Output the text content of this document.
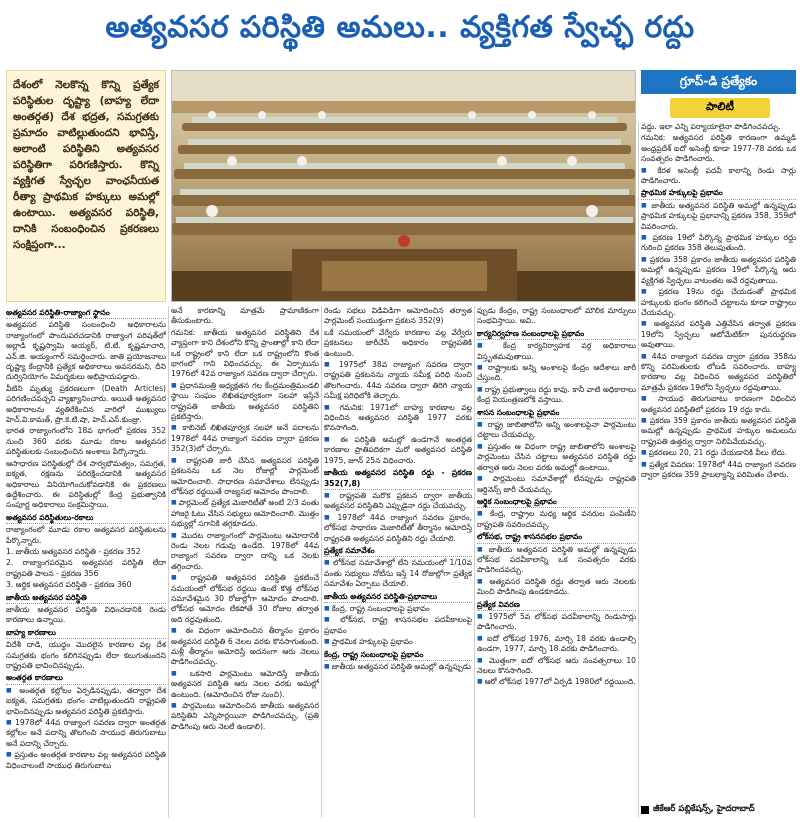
అత్యవసర పరిస్థితి అమలు.. వ్యక్తిగత స్వేచ్ఛ రద్దు

దేశంలో నెలకొన్న కొన్ని ప్రత్యేక పరిస్థితుల దృష్ట్యా (బాహ్య లేదా అంతర్గత) దేశ భద్రత, సమగ్రతకు ప్రమాదం వాటిల్లుతుందని భావిస్తే, అలాంటి పరిస్థితిని అత్యవసర పరిస్థితిగా పరిగణిస్తారు. కొన్ని వ్యక్తిగత స్వేచ్ఛల వాంఛనీయత రీత్యా ప్రాథమిక హక్కులు అమల్లో ఉంటాయి. అత్యవసర పరిస్థితి, దానికి సంబంధించిన ప్రకరణలు సంక్షిప్తంగా...

గ్రూప్-డి ప్రత్యేకం
పాలిటీ
అత్యవసర పరిస్థితి-రాజ్యాంగ స్థానం

అత్యవసర పరిస్థితి సంబంధించి అధికారాలను రాజ్యాంగంలో పొందుపరచడానికి రాజ్యాంగ పరిషత్‌లో అల్లాడి కృష్ణస్వామి అయ్యర్, టి.టి. కృష్ణమాచారి, ఎన్.జి. అయ్యంగార్ సమర్థించారు. జాతి ప్రయోజనాలు దృష్ట్యా కేంద్రానికి ప్రత్యేక అధికారాలు అవసరమని, దీని దుర్వినియోగం విమర్శకులు అభిప్రాయపడ్డారు.

వీటిని మృత్యు ప్రకరణలుగా (Death Articles) పరిగణించవచ్చని వ్యాఖ్యానించారు. అయితే అత్యవసర అధికారాలను వ్యతిరేకించిన వారిలో ముఖ్యులు హెచ్.వి.కామత్, ప్రొ.కె.టి.షా, హెచ్.ఎన్.కుంజ్రు.

భారత రాజ్యాంగంలోని 18వ భాగంలో ప్రకరణ 352 నుంచి 360 వరకు మూడు రకాల అత్యవసర పరిస్థితులకు సంబంధించిన అంశాలు పేర్కొన్నారు.

ఆసాధారణ పరిస్థితుల్లో దేశ సార్వభౌమత్వం, సమగ్రత, ఐక్యత, రక్షణను పరిరక్షించడానికి అత్యవసర అధికారాలు వినియోగించుకోవడానికి ఈ ప్రకరణలు ఉద్దేశించారు. ఈ పరిస్థితుల్లో కేంద్ర ప్రభుత్వానికి సంపూర్ణ అధికారాలు సంక్రమిస్తాయి.

అత్యవసర పరిస్థితులు-రకాలు

రాజ్యాంగంలో మూడు రకాల అత్యవసర పరిస్థితులను పేర్కొన్నారు.

1. జాతీయ అత్యవసర పరిస్థితి - ప్రకరణ 352

2. రాజ్యాంగపరమైన అత్యవసర పరిస్థితి లేదా రాష్ట్రపతి పాలన - ప్రకరణ 356

3. ఆర్థిక అత్యవసర పరిస్థితి - ప్రకరణ 360

జాతీయ అత్యవసర పరిస్థితి

జాతీయ అత్యవసర పరిస్థితి విధించడానికి రెండు కారణాలు ఉన్నాయి.

బాహ్య కారణాలు

విదేశీ దాడి, యుద్ధం మొదలైన కారణాల వల్ల దేశ సమగ్రతకు భంగం కలిగినప్పుడు లేదా కలుగుతుందని రాష్ట్రపతి భావించినప్పుడు.

అంతర్గత కారణాలు

■ అంతర్గత కల్లోలం ఏర్పడినప్పుడు, తద్వారా దేశ ఐక్యత, సమగ్రతకు భంగం వాటిల్లుతుందని రాష్ట్రపతి భావించినప్పుడు అత్యవసర పరిస్థితి ప్రకటిస్తారు.

■ 1978లో 44వ రాజ్యాంగ సవరణ ద్వారా అంతర్గత కల్లోలం అనే పదాన్ని తొలగించి సాయుధ తిరుగుబాటు అనే పదాన్ని చేర్చారు.

■ ప్రస్తుతం అంతర్గత కారణాల వల్ల అత్యవసర పరిస్థితి విధించాలంటే సాయుధ తిరుగుబాటు

అనే కారణాన్ని మాత్రమే ప్రామాణికంగా తీసుకుంటారు.

గమనిక: జాతీయ అత్యవసర పరిస్థితిని దేశ వ్యాప్తంగా కాని దేశంలోని కొన్ని ప్రాంతాల్లో కాని లేదా ఒక రాష్ట్రంలో కాని లేదా ఒక రాష్ట్రంలోని కొంత భాగంలో గాని విధించవచ్చు. ఈ ఏర్పాటును 1976లో 42వ రాజ్యాంగ సవరణ ద్వారా చేర్చారు.

■ ప్రధానమంత్రి అధ్యక్షతన గల కేంద్రమంత్రిమండలి స్థాయి సంఘం లిఖితపూర్వకంగా సలహా ఇస్తేనే రాష్ట్రపతి జాతీయ అత్యవసర పరిస్థితిని ప్రకటిస్తారు.

■ కాబినెట్ లిఖితపూర్వక సలహా అనే పదాలను 1978లో 44వ రాజ్యాంగ సవరణ ద్వారా ప్రకరణ 352(3)లో చేర్చారు.

■ రాష్ట్రపతి జారీ చేసిన అత్యవసర పరిస్థితి ప్రకటనను ఒక నెల రోజుల్లో పార్లమెంట్ ఆమోదించాలి. సాధారణ సమావేశాలు లేనప్పుడు లోక్‌సభ రద్దయితే రాజ్యసభ ఆమోదం పొందాలి.

■ పార్లమెంట్ ప్రత్యేక మెజారిటీతో అంటే 2/3 వంతు హాజరై ఓటు వేసిన సభ్యులు ఆమోదించాలి. మొత్తం సభ్యుల్లో సగానికి తగ్గకూడదు.

■ మొదట రాజ్యాంగంలో పార్లమెంటు ఆమోదానికి రెండు నెలల గడువు ఉండేది. 1978లో 44వ రాజ్యాంగ సవరణ ద్వారా దాన్ని ఒక నెలకు తగ్గించారు.

■ రాష్ట్రపతి అత్యవసర పరిస్థితి ప్రకటించే సమయంలో లోక్‌సభ రద్దయి ఉంటే కొత్త లోక్‌సభ సమావేశమైన 30 రోజుల్లోగా ఆమోదం పొందాలి. లోక్‌సభ ఆమోదం లేకపోతే 30 రోజుల తర్వాత అది రద్దవుతుంది.

■ ఈ విధంగా ఆమోదించిన తీర్మానం ప్రకారం అత్యవసర పరిస్థితి 6 నెలల వరకు కొనసాగుతుంది. మళ్లీ తీర్మానం ఆమోదిస్తే అదనంగా ఆరు నెలలు పొడిగించవచ్చు.

■ ఒకసారి పార్లమెంటు ఆమోదిస్తే జాతీయ అత్యవసర పరిస్థితి ఆరు నెలల వరకు అమల్లో ఉంటుంది. (ఆమోదించిన రోజు నుంచి).

■ పార్లమెంటు ఆమోదించిన జాతీయ అత్యవసర పరిస్థితిని ఎన్నిసార్లయినా పొడిగించవచ్చు. (ప్రతి పొడిగింపు ఆరు నెలలే ఉండాలి).

రెండు సభలు విడివిడిగా ఆమోదించిన తర్వాత పార్లమెంట్ సంయుక్తంగా ప్రకటన 352(9)

ఒకే సమయంలో వేర్వేరు కారణాల వల్ల వేర్వేరు ప్రకటనలు జారీచేసే అధికారం రాష్ట్రపతికి ఉంటుంది.

■ 1975లో 38వ రాజ్యాంగ సవరణ ద్వారా రాష్ట్రపతి ప్రకటనను న్యాయ సమీక్ష పరిధి నుంచి తొలగించారు. 44వ సవరణ ద్వారా తిరిగి న్యాయ సమీక్ష పరిధిలోకి తెచ్చారు.

■ గమనిక: 1971లో బాహ్య కారణాల వల్ల విధించిన అత్యవసర పరిస్థితి 1977 వరకు కొనసాగింది.

■ ఈ పరిస్థితి అమల్లో ఉండగానే అంతర్గత కారణాల ప్రాతిపదికగా మరో అత్యవసర పరిస్థితి 1975, జూన్ 25న విధించారు.

జాతీయ అత్యవసర పరిస్థితి రద్దు - ప్రకరణ 352(7,8)

■ రాష్ట్రపతి మరొక ప్రకటన ద్వారా జాతీయ అత్యవసర పరిస్థితిని ఎప్పుడైనా రద్దు చేయవచ్చు.

■ 1978లో 44వ రాజ్యాంగ సవరణ ప్రకారం, లోక్‌సభ సాధారణ మెజారిటీతో తీర్మానం ఆమోదిస్తే రాష్ట్రపతి అత్యవసర పరిస్థితిని రద్దు చేయాలి.

ప్రత్యేక సమావేశం

■ లోక్‌సభ సమావేశాల్లో లేని సమయంలో 1/10వ వంతు సభ్యులు నోటీసు ఇస్తే 14 రోజుల్లోగా ప్రత్యేక సమావేశం ఏర్పాటు చేయాలి.

జాతీయ అత్యవసర పరిస్థితి-ప్రభావాలు

■ కేంద్ర, రాష్ట్ర సంబంధాలపై ప్రభావం

■ లోక్‌సభ, రాష్ట్ర శాసనసభల పదవీకాలంపై ప్రభావం

■ ప్రాథమిక హక్కులపై ప్రభావం

కేంద్ర, రాష్ట్ర సంబంధాలపై ప్రభావం

■ జాతీయ అత్యవసర పరిస్థితి అమల్లో ఉన్నప్పుడు

ప్పుడు కేంద్రం, రాష్ట్ర సంబంధాలలో మౌలిక మార్పులు సంభవిస్తాయి. అవి..

కార్యనిర్వహణ సంబంధాలపై ప్రభావం

■ కేంద్ర కార్యనిర్వాహక వర్గ అధికారాలు విస్తృతమవుతాయి.

■ రాష్ట్రాలకు అన్ని అంశాలపై కేంద్రం ఆదేశాలు జారీ చేస్తుంది.

■ రాష్ట్ర ప్రభుత్వాలు రద్దు కావు. కానీ వాటి అధికారాలు కేంద్ర నియంత్రణలోకి వస్తాయి.

శాసన సంబంధాలపై ప్రభావం

■ రాష్ట్ర జాబితాలోని అన్ని అంశాలపైనా పార్లమెంటు చట్టాలు చేయవచ్చు.

■ ప్రస్తుతం ఆ విధంగా రాష్ట్ర జాబితాలోని అంశాలపై పార్లమెంటు చేసిన చట్టాలు అత్యవసర పరిస్థితి రద్దు తర్వాత ఆరు నెలల వరకు అమల్లో ఉంటాయి.

■ పార్లమెంటు సమావేశాల్లో లేనప్పుడు రాష్ట్రపతి ఆర్డినెన్స్ జారీ చేయవచ్చు.

ఆర్థిక సంబంధాలపై ప్రభావం

■ కేంద్ర, రాష్ట్రాల మధ్య ఆర్థిక వనరుల పంపిణీని రాష్ట్రపతి సవరించవచ్చు.

లోక్‌సభ, రాష్ట్ర శాసనసభల ప్రభావం

■ జాతీయ అత్యవసర పరిస్థితి అమల్లో ఉన్నప్పుడు లోక్‌సభ పదవీకాలాన్ని ఒక సంవత్సరం వరకు పొడిగించవచ్చు.

■ అత్యవసర పరిస్థితి రద్దు తర్వాత ఆరు నెలలకు మించి పొడిగింపు ఉండకూడదు.

ప్రత్యేక వివరణ

■ 1975లో 5వ లోక్‌సభ పదవీకాలాన్ని రెండుసార్లు పొడిగించారు.

■ ఐదో లోక్‌సభ 1976, మార్చి 18 వరకు ఉండాల్సి ఉండగా, 1977, మార్చి 18 వరకు పొడిగించారు.

■ మొత్తంగా ఐదో లోక్‌సభ ఆరు సంవత్సరాలు 10 నెలలు కొనసాగింది.

■ ఆరో లోక్‌సభ 1977లో ఏర్పడి 1980లో రద్దయింది.

వద్దు. ఇలా ఎన్ని పర్యాయాలైనా పొడిగించవచ్చు.

గమనిక: అత్యవసర పరిస్థితి కారణంగా ఉమ్మడి ఆంధ్రప్రదేశ్ ఐదో అసెంబ్లీ కూడా 1977-78 వరకు ఒక సంవత్సరం పొడిగించారు.

■ కేరళ అసెంబ్లీ పదవీ కాలాన్ని రెండు సార్లు పొడిగించారు.

ప్రాథమిక హక్కులపై ప్రభావం

■ జాతీయ అత్యవసర పరిస్థితి అమల్లో ఉన్నప్పుడు ప్రాథమిక హక్కులపై ప్రభావాన్ని ప్రకరణ 358, 359లో వివరించారు.

■ ప్రకరణ 19లో పేర్కొన్న ప్రాథమిక హక్కుల రద్దు గురించి ప్రకరణ 358 తెలుపుతుంది.

■ ప్రకరణ 358 ప్రకారం జాతీయ అత్యవసర పరిస్థితి అమల్లో ఉన్నప్పుడు ప్రకరణ 19లో పేర్కొన్న ఆరు వ్యక్తిగత స్వేచ్ఛలు వాటంతట అవే రద్దవుతాయి.

■ ప్రకరణ 19ను రద్దు చేయడంతో ప్రాథమిక హక్కులకు భంగం కలిగించే చట్టాలను కూడా రాష్ట్రాలు చేయవచ్చు.

■ అత్యవసర పరిస్థితి ఎత్తివేసిన తర్వాత ప్రకరణ 19లోని స్వేచ్ఛలు ఆటోమేటిక్‌గా పునరుద్ధరణ అవుతాయి.

■ 44వ రాజ్యాంగ సవరణ ద్వారా ప్రకరణ 358ను కొన్ని పరిమితులకు లోబడి సవరించారు. బాహ్య కారణాల వల్ల విధించిన అత్యవసర పరిస్థితిలో మాత్రమే ప్రకరణ 19లోని స్వేచ్ఛలు రద్దవుతాయి.

■ సాయుధ తిరుగుబాటు కారణంగా విధించిన అత్యవసర పరిస్థితిలో ప్రకరణ 19 రద్దు కాదు.

■ ప్రకరణ 359 ప్రకారం జాతీయ అత్యవసర పరిస్థితి అమల్లో ఉన్నప్పుడు ప్రాథమిక హక్కుల అమలును రాష్ట్రపతి ఉత్తర్వు ద్వారా నిలిపివేయవచ్చు.

■ ప్రకరణలు 20, 21 రద్దు చేయడానికి వీలు లేదు.

■ ప్రత్యేక వివరణ: 1978లో 44వ రాజ్యాంగ సవరణ ద్వారా ప్రకరణ 359 ప్రాబల్యాన్ని పరిమితం చేశారు.

జీకేఆర్ పబ్లికేషన్స్, హైదరాబాద్
